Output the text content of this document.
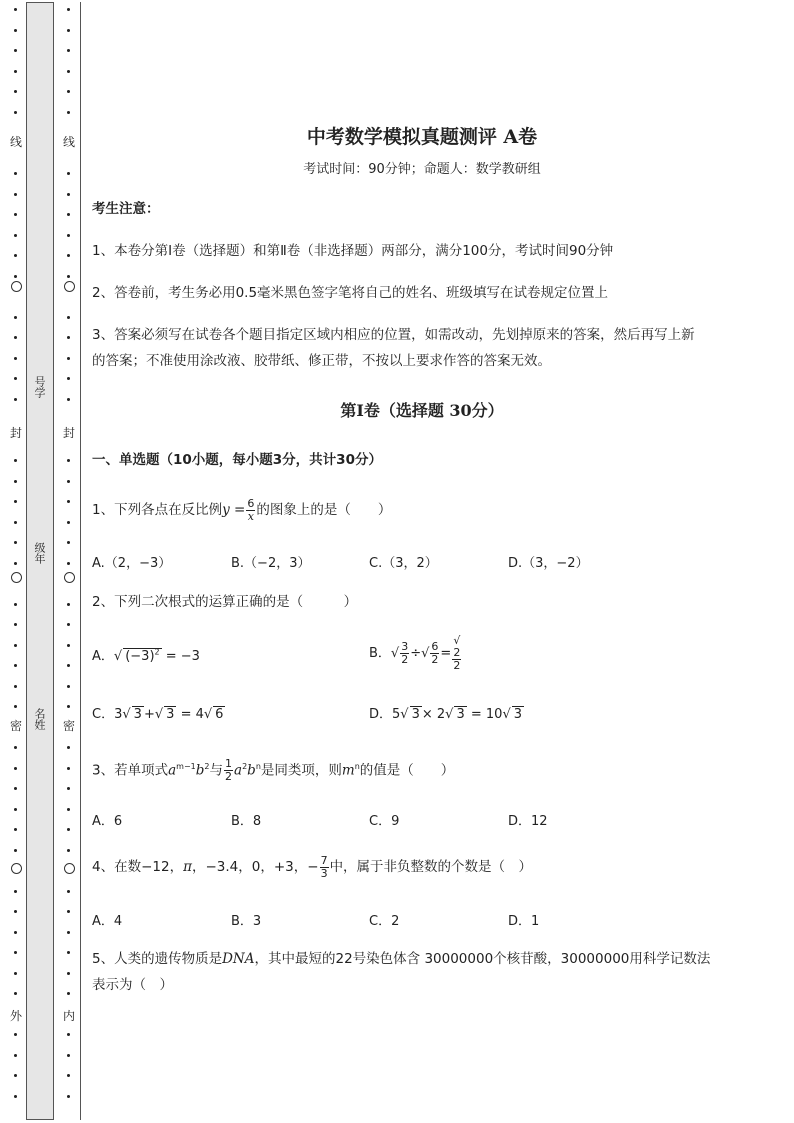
线
封
密
外
线
封
密
内
号学
级年
名姓
中考数学模拟真题测评 A卷
考试时间：90分钟；命题人：数学教研组
考生注意：
1、本卷分第I卷（选择题）和第Ⅱ卷（非选择题）两部分，满分100分，考试时间90分钟
2、答卷前，考生务必用0.5毫米黑色签字笔将自己的姓名、班级填写在试卷规定位置上
3、答案必须写在试卷各个题目指定区域内相应的位置，如需改动，先划掉原来的答案，然后再写上新
的答案；不准使用涂改液、胶带纸、修正带，不按以上要求作答的答案无效。
第I卷（选择题 30分）
一、单选题（10小题，每小题3分，共计30分）
1、下列各点在反比例$y = \frac{6}{x}$ 的图象上的是（　　）
A.（2，−3）	B.（−2，3）	C.（3，2）	D.（3，−2）
2、下列二次根式的运算正确的是（　　　）
A．√ $(-3)^2 = -3$	B．√ $\frac{3}{2}$ ÷√ $\frac{6}{2}$ = √
2
2
C．3√ 3 +√ 3 = 4√ 6	D．5√ 3 × 2√ 3 = 10√ 3
3、若单项式$a^{m-1}b^2$与 $\frac{1}{2} a^2b^n$是同类项，则$m^n$的值是（　　）
A．6	B．8	C．9	D．12
4、在数−12，π，−3.4，0，+3，− $\frac{7}{3}$ 中，属于非负整数的个数是（　）
A．4	B．3	C．2	D．1
5、人类的遗传物质是DNA，其中最短的22号染色体含 30000000个核苷酸，30000000用科学记数法
表示为（　）
